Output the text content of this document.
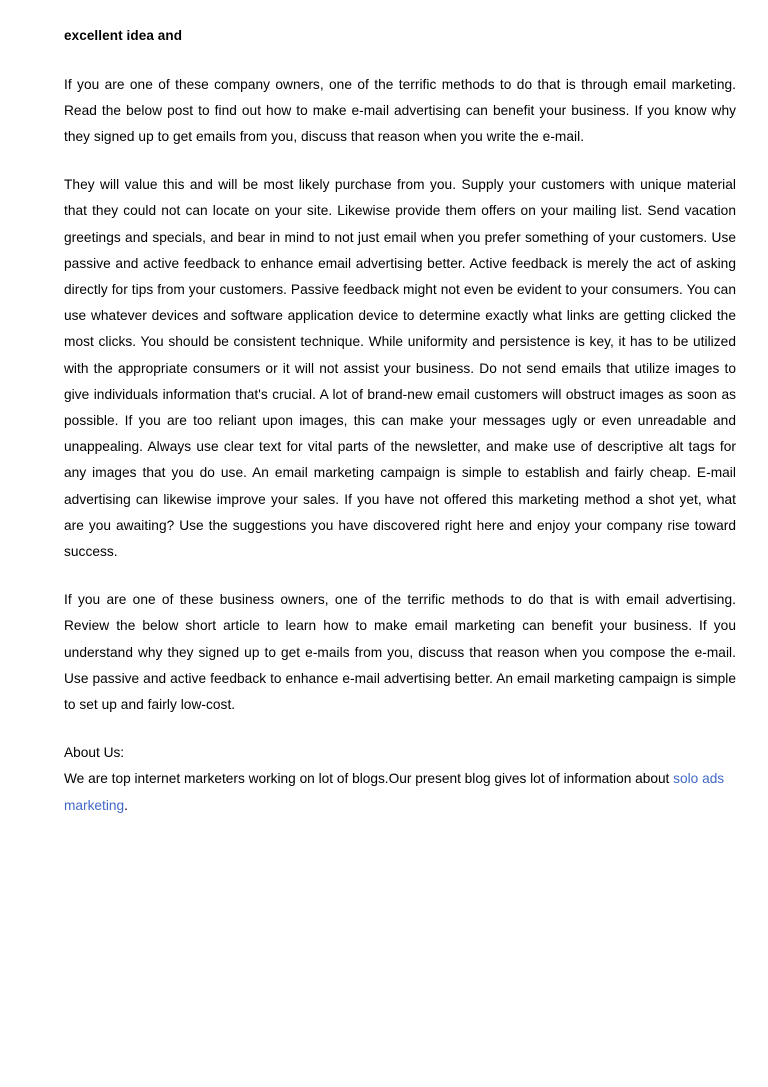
excellent idea and

If you are one of these company owners, one of the terrific methods to do that is through email marketing. Read the below post to find out how to make e-mail advertising can benefit your business. If you know why they signed up to get emails from you, discuss that reason when you write the e-mail.

They will value this and will be most likely purchase from you. Supply your customers with unique material that they could not can locate on your site. Likewise provide them offers on your mailing list. Send vacation greetings and specials, and bear in mind to not just email when you prefer something of your customers. Use passive and active feedback to enhance email advertising better. Active feedback is merely the act of asking directly for tips from your customers. Passive feedback might not even be evident to your consumers. You can use whatever devices and software application device to determine exactly what links are getting clicked the most clicks. You should be consistent technique. While uniformity and persistence is key, it has to be utilized with the appropriate consumers or it will not assist your business. Do not send emails that utilize images to give individuals information that's crucial. A lot of brand-new email customers will obstruct images as soon as possible. If you are too reliant upon images, this can make your messages ugly or even unreadable and unappealing. Always use clear text for vital parts of the newsletter, and make use of descriptive alt tags for any images that you do use. An email marketing campaign is simple to establish and fairly cheap. E-mail advertising can likewise improve your sales. If you have not offered this marketing method a shot yet, what are you awaiting? Use the suggestions you have discovered right here and enjoy your company rise toward success.

If you are one of these business owners, one of the terrific methods to do that is with email advertising. Review the below short article to learn how to make email marketing can benefit your business. If you understand why they signed up to get e-mails from you, discuss that reason when you compose the e-mail. Use passive and active feedback to enhance e-mail advertising better. An email marketing campaign is simple to set up and fairly low-cost.

About Us:
We are top internet marketers working on lot of blogs.Our present blog gives lot of information about solo ads marketing.
